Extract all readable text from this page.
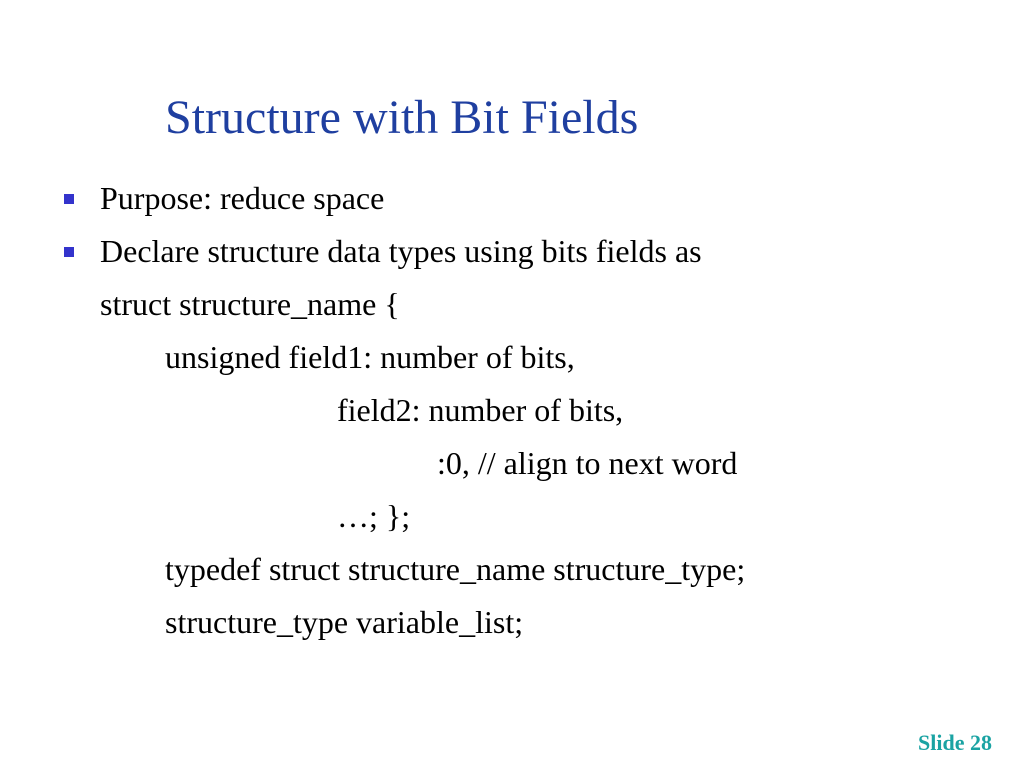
Structure with Bit Fields
Purpose: reduce space
Declare structure data types using bits fields as
struct structure_name {
unsigned field1: number of bits,
field2: number of bits,
:0, // align to next word
…; };
typedef struct structure_name structure_type;
structure_type variable_list;
Slide 28
